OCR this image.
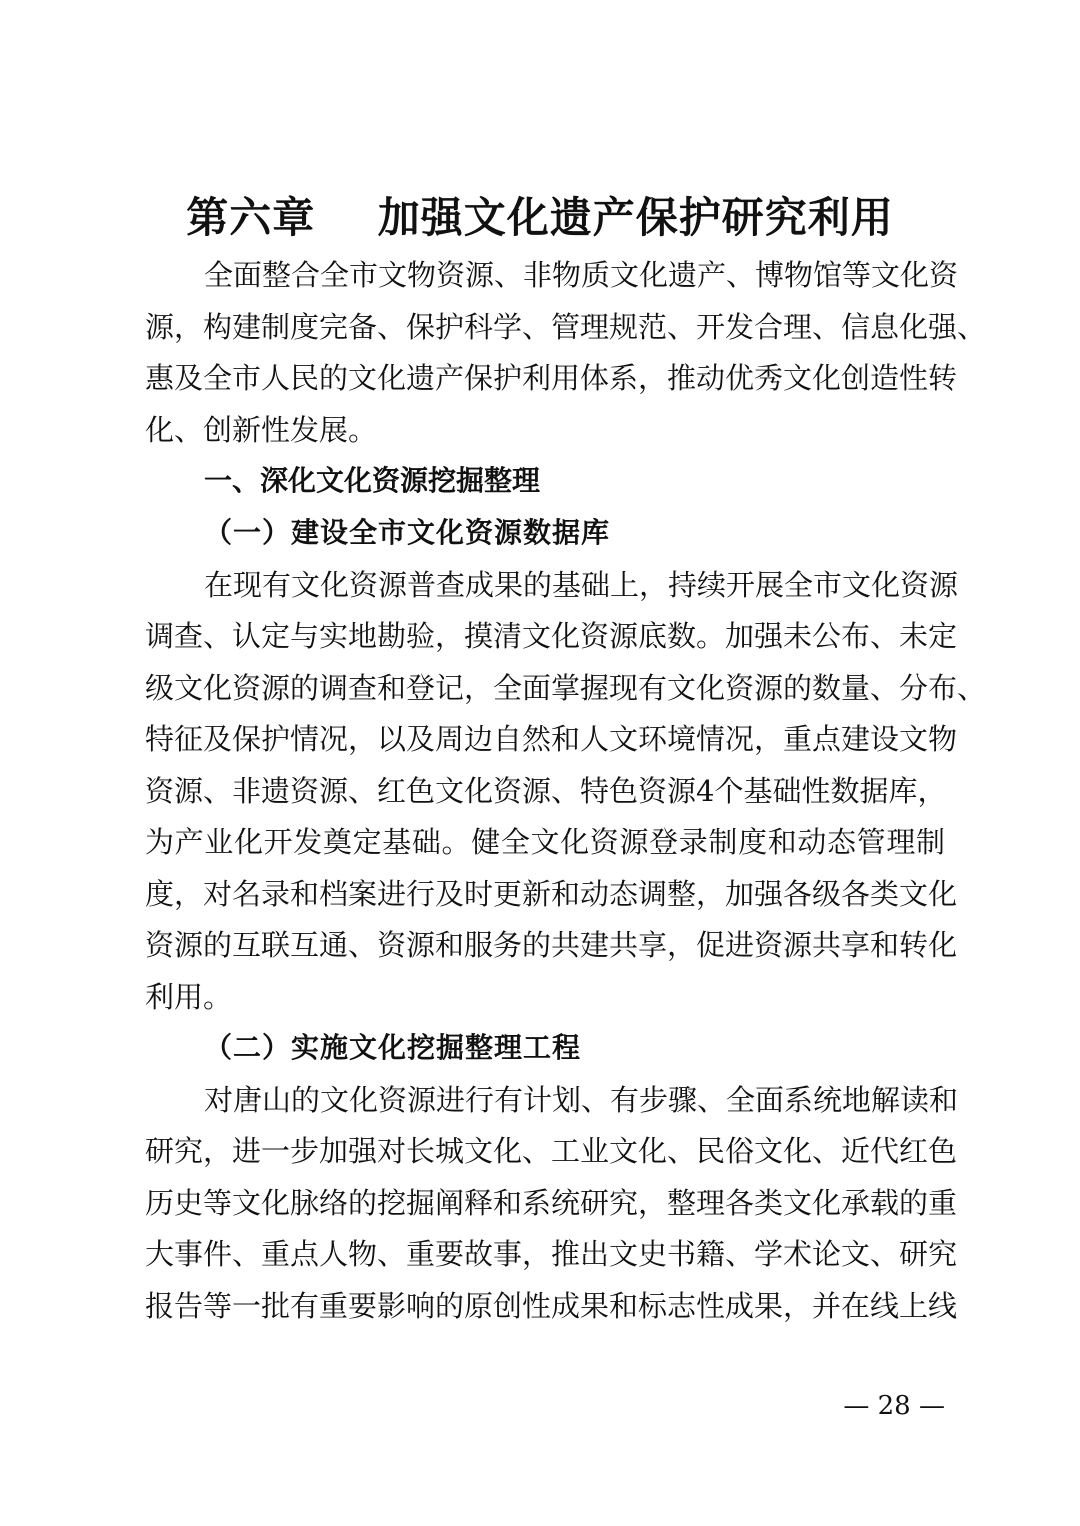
第六章    加强文化遗产保护研究利用
全面整合全市文物资源、非物质文化遗产、博物馆等文化资
源，构建制度完备、保护科学、管理规范、开发合理、信息化强、
惠及全市人民的文化遗产保护利用体系，推动优秀文化创造性转
化、创新性发展。
一、深化文化资源挖掘整理
（一）建设全市文化资源数据库
在现有文化资源普查成果的基础上，持续开展全市文化资源
调查、认定与实地勘验，摸清文化资源底数。加强未公布、未定
级文化资源的调查和登记，全面掌握现有文化资源的数量、分布、
特征及保护情况，以及周边自然和人文环境情况，重点建设文物
资源、非遗资源、红色文化资源、特色资源4个基础性数据库，
为产业化开发奠定基础。健全文化资源登录制度和动态管理制
度，对名录和档案进行及时更新和动态调整，加强各级各类文化
资源的互联互通、资源和服务的共建共享，促进资源共享和转化
利用。
（二）实施文化挖掘整理工程
对唐山的文化资源进行有计划、有步骤、全面系统地解读和
研究，进一步加强对长城文化、工业文化、民俗文化、近代红色
历史等文化脉络的挖掘阐释和系统研究，整理各类文化承载的重
大事件、重点人物、重要故事，推出文史书籍、学术论文、研究
报告等一批有重要影响的原创性成果和标志性成果，并在线上线
— 28 —
